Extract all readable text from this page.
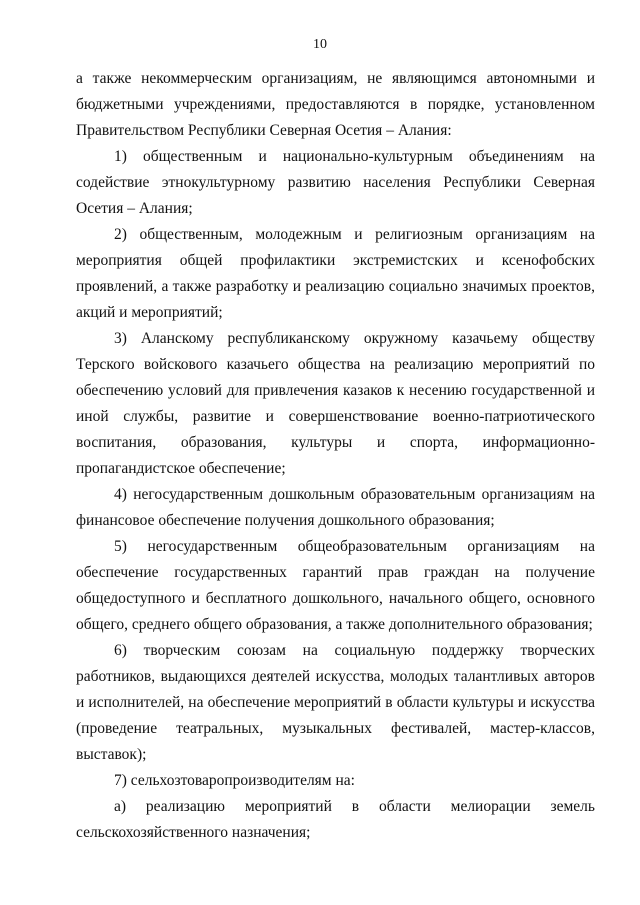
10

а также некоммерческим организациям, не являющимся автономными и бюджетными учреждениями, предоставляются в порядке, установленном Правительством Республики Северная Осетия – Алания:

1) общественным и национально-культурным объединениям на содействие этнокультурному развитию населения Республики Северная Осетия – Алания;

2) общественным, молодежным и религиозным организациям на мероприятия общей профилактики экстремистских и ксенофобских проявлений, а также разработку и реализацию социально значимых проектов, акций и мероприятий;

3) Аланскому республиканскому окружному казачьему обществу Терского войскового казачьего общества на реализацию мероприятий по обеспечению условий для привлечения казаков к несению государственной и иной службы, развитие и совершенствование военно-патриотического воспитания, образования, культуры и спорта, информационно-пропагандистское обеспечение;

4) негосударственным дошкольным образовательным организациям на финансовое обеспечение получения дошкольного образования;

5) негосударственным общеобразовательным организациям на обеспечение государственных гарантий прав граждан на получение общедоступного и бесплатного дошкольного, начального общего, основного общего, среднего общего образования, а также дополнительного образования;

6) творческим союзам на социальную поддержку творческих работников, выдающихся деятелей искусства, молодых талантливых авторов и исполнителей, на обеспечение мероприятий в области культуры и искусства (проведение театральных, музыкальных фестивалей, мастер-классов, выставок);

7) сельхозтоваропроизводителям на:

а) реализацию мероприятий в области мелиорации земель сельскохозяйственного назначения;
